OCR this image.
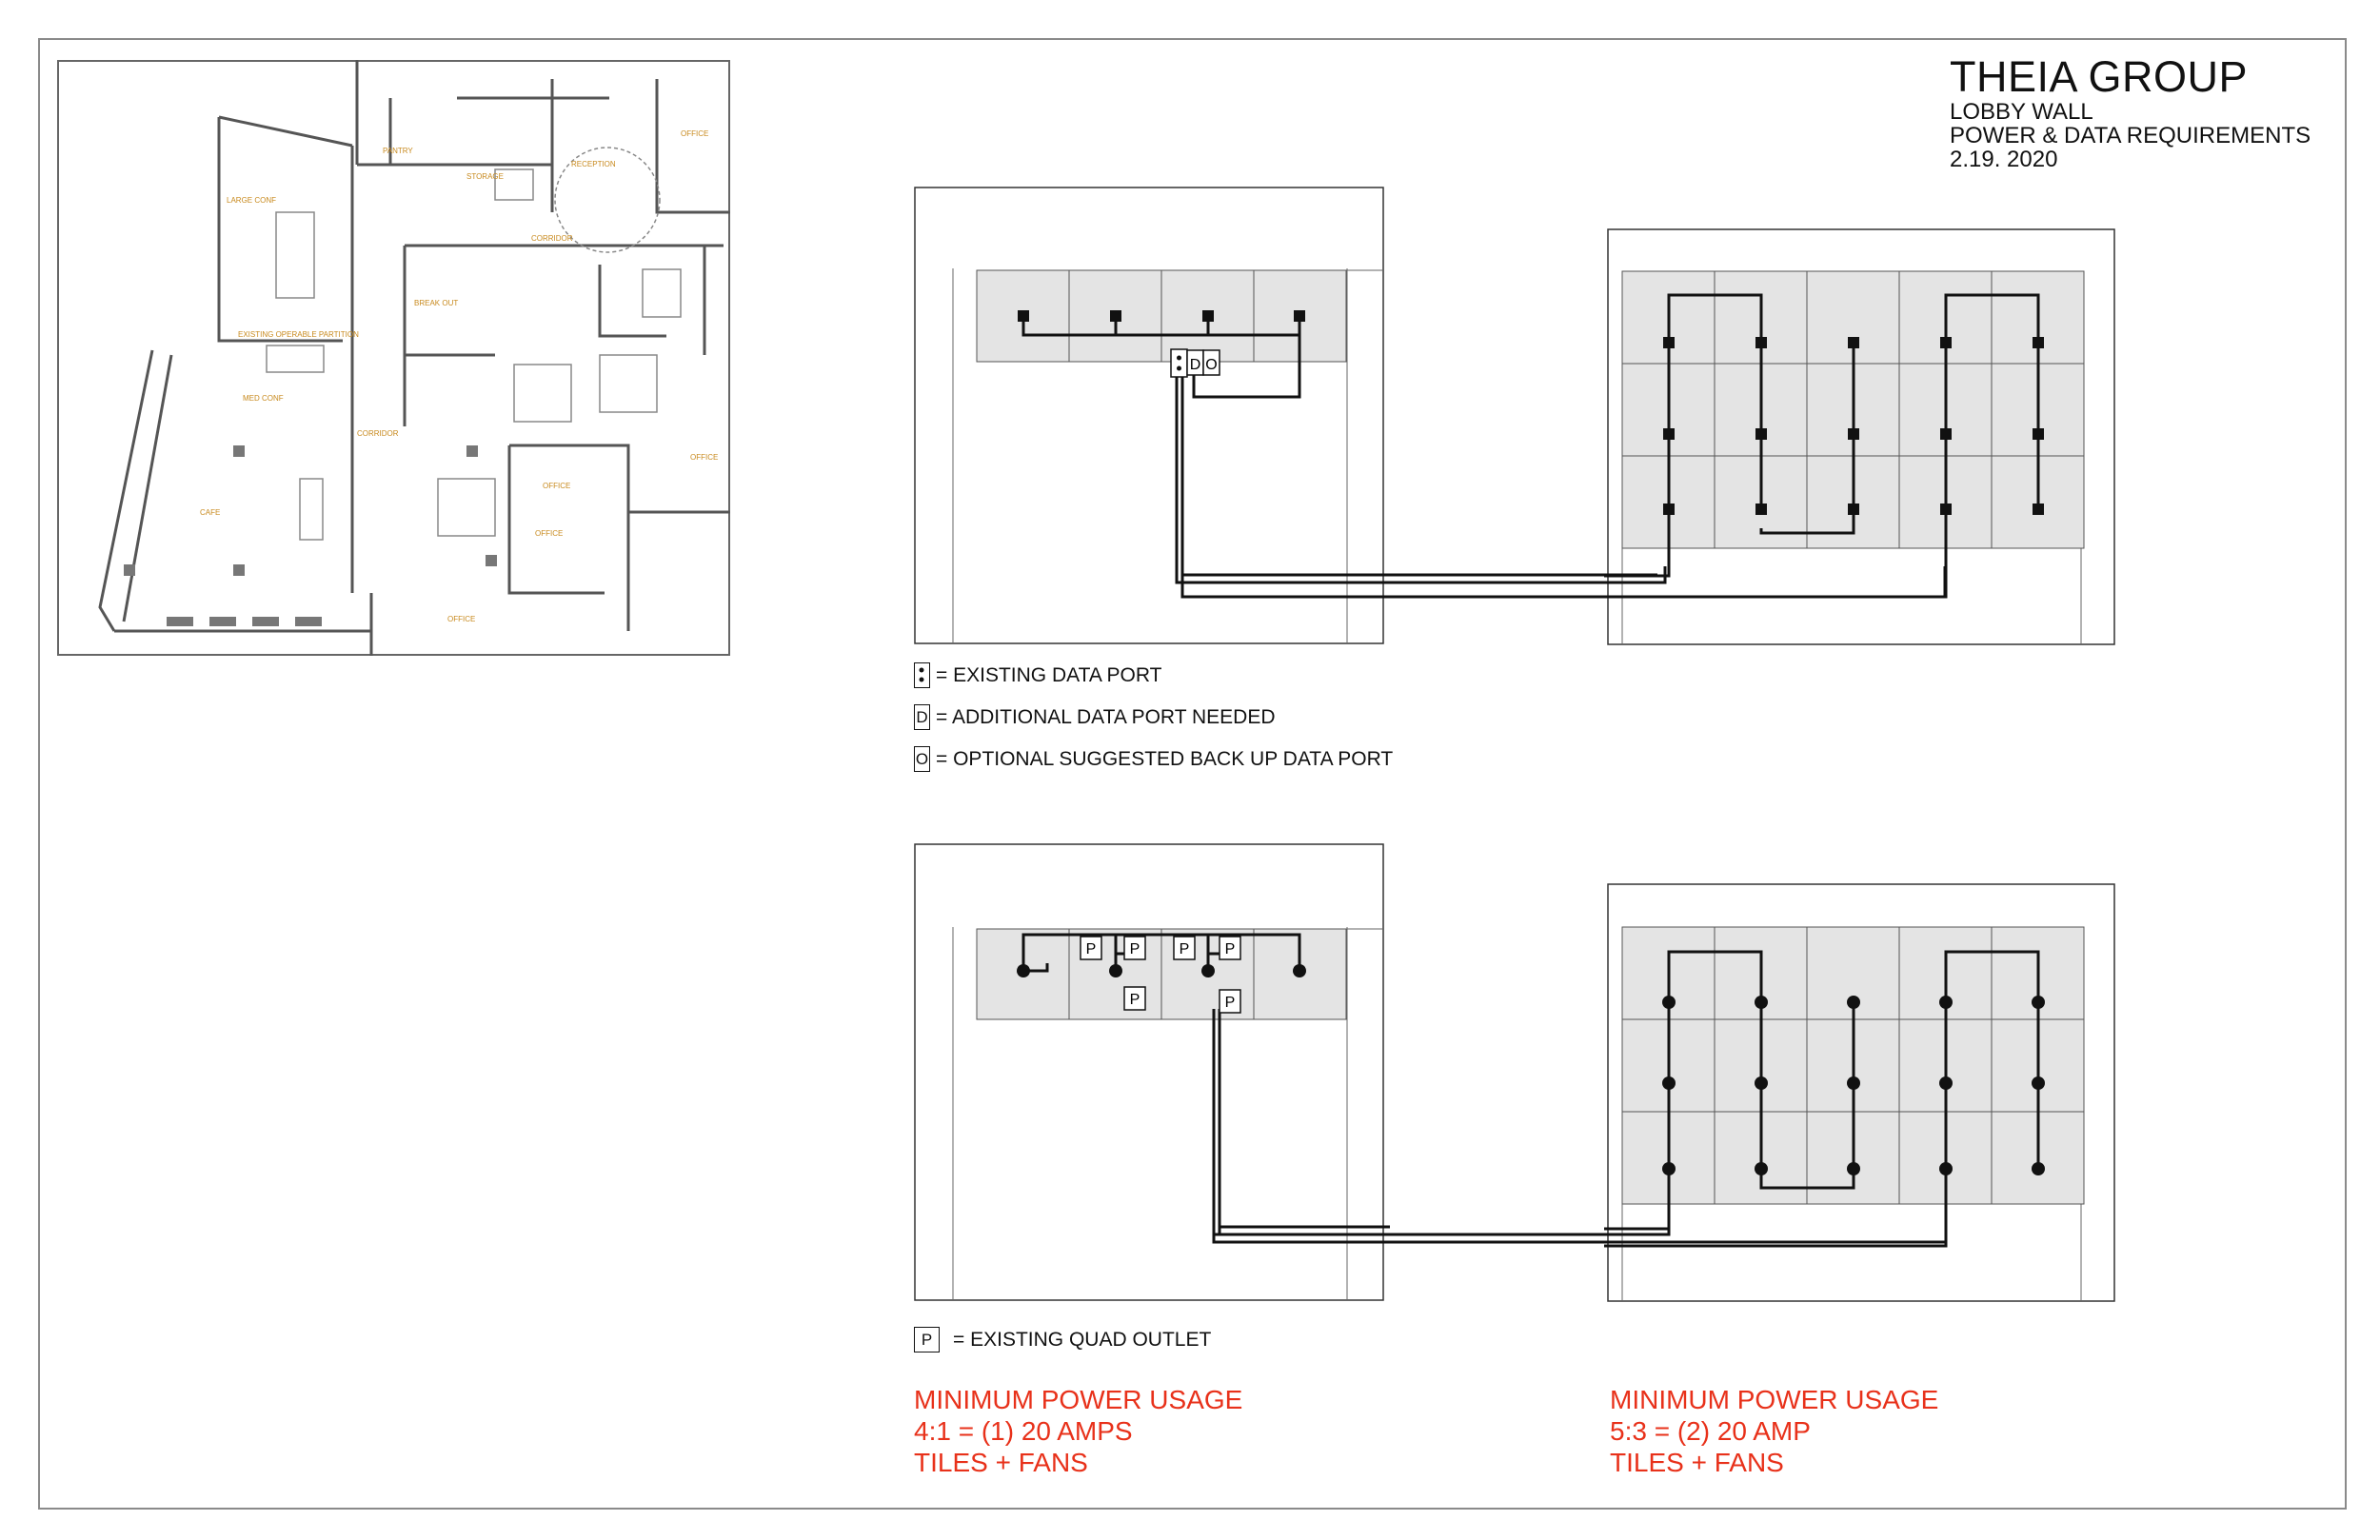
THEIA GROUP
LOBBY WALL
POWER & DATA REQUIREMENTS
2.19. 2020
PANTRY
STORAGE
RECEPTION
OFFICE
CORRIDOR
LARGE CONF
BREAK OUT
EXISTING OPERABLE PARTITION
MED CONF
CORRIDOR
CAFE
OFFICE
OFFICE
OFFICE
OFFICE
D O
= EXISTING DATA PORT
D = ADDITIONAL DATA PORT NEEDED
O = OPTIONAL SUGGESTED BACK UP DATA PORT
P P	P P
P	P
P	= EXISTING QUAD OUTLET
MINIMUM POWER USAGE
4:1 = (1) 20 AMPS
TILES + FANS
MINIMUM POWER USAGE
5:3 = (2) 20 AMP
TILES + FANS
